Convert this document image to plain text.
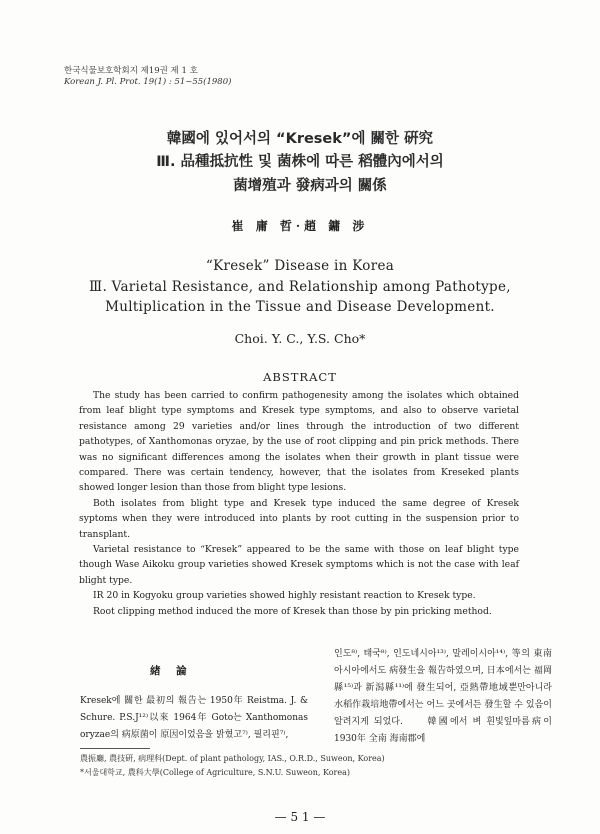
한국식물보호학회지 제19권 제 1 호
Korean J. Pl. Prot. 19(1) : 51~55(1980)
韓國에 있어서의 “Kresek”에 關한 硏究
Ⅲ. 品種抵抗性 및 菌株에 따른 稻體內에서의
菌增殖과 發病과의 關係
崔 庸 哲·趙 鏞 涉
“Kresek” Disease in Korea
Ⅲ. Varietal Resistance, and Relationship among Pathotype,
Multiplication in the Tissue and Disease Development.
Choi. Y. C., Y.S. Cho*
ABSTRACT

The study has been carried to confirm pathogenesity among the isolates which obtained from leaf blight type symptoms and Kresek type symptoms, and also to observe varietal resistance among 29 varieties and/or lines through the introduction of two different pathotypes, of Xanthomonas oryzae, by the use of root clipping and pin prick methods. There was no significant differences among the isolates when their growth in plant tissue were compared. There was certain tendency, however, that the isolates from Kreseked plants showed longer lesion than those from blight type lesions.

Both isolates from blight type and Kresek type induced the same degree of Kresek syptoms when they were introduced into plants by root cutting in the suspension prior to transplant.

Varietal resistance to “Kresek” appeared to be the same with those on leaf blight type though Wase Aikoku group varieties showed Kresek symptoms which is not the case with leaf blight type.

IR 20 in Kogyoku group varieties showed highly resistant reaction to Kresek type.

Root clipping method induced the more of Kresek than those by pin pricking method.

緖 論
Kresek에 關한 最初의 報告는 1950年 Reistma. J. & Schure. P.S.J¹²⁾以來 1964年 Goto는 Xanthomonas oryzae의 病原菌이 原因이었음을 밝혔고⁷⁾, 필리핀⁷⁾,
인도⁸⁾, 태국⁸⁾, 인도네시아¹³⁾, 말레이시아¹⁴⁾, 等의 東南아시아에서도 病發生을 報告하였으며, 日本에서는 福岡縣¹⁵⁾과 新潟縣¹¹⁾에 發生되어, 亞熱帶地域뿐만아니라 水稻作栽培地帶에서는 어느 곳에서든 發生할 수 있음이 알려지게 되었다.　　韓國에서 벼 흰빛잎마름病이 1930年 全南 海南郡에
農振廳, 農技硏, 病理科(Dept. of plant pathology, IAS., O.R.D., Suweon, Korea)
*서울대학교, 農科大學(College of Agriculture, S.N.U. Suweon, Korea)
— 5 1 —
